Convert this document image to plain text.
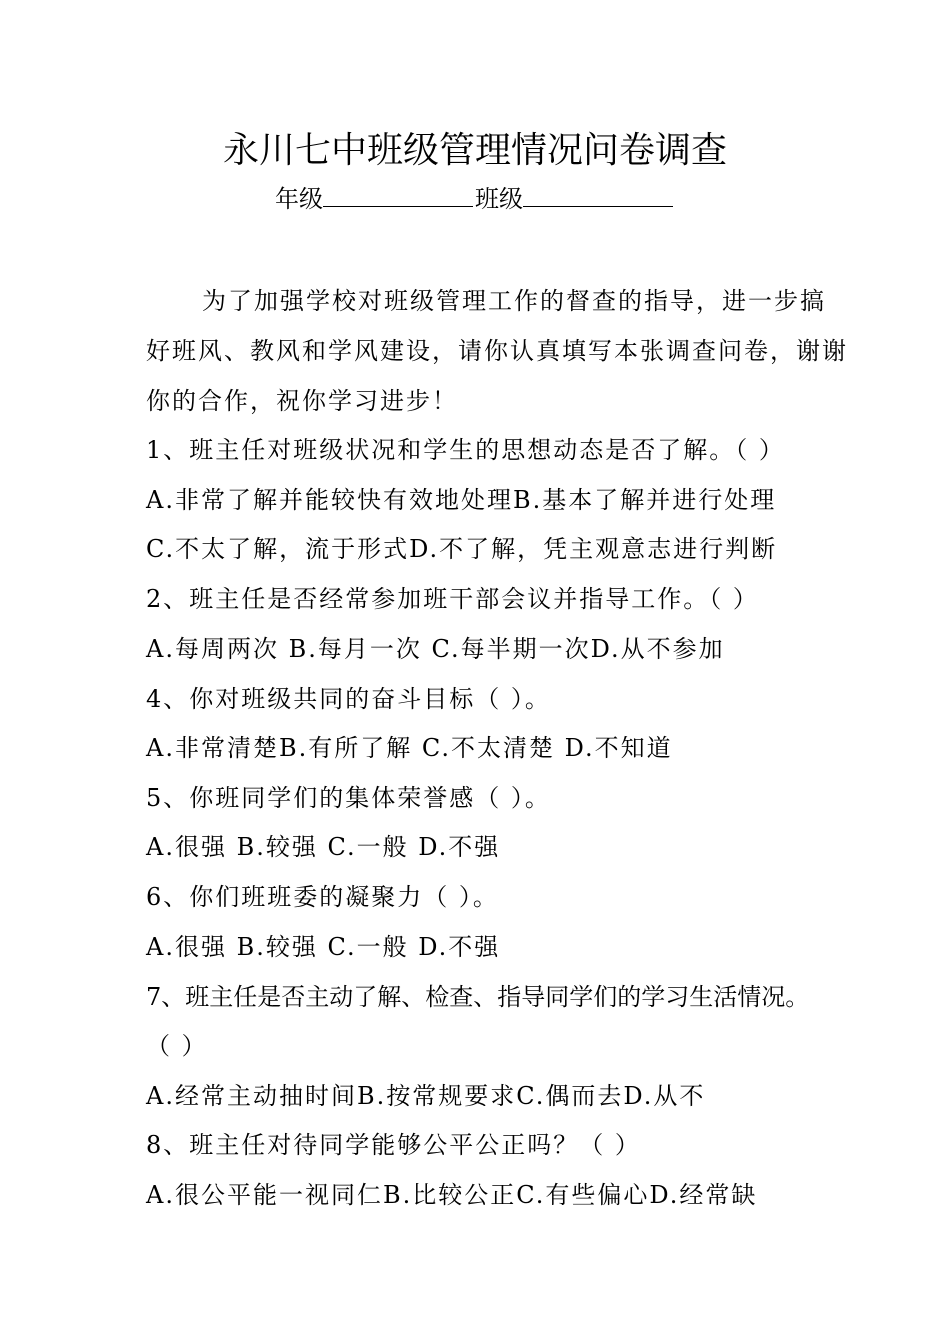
永川七中班级管理情况问卷调查
年级	班级
为了加强学校对班级管理工作的督查的指导，进一步搞
好班风、教风和学风建设，请你认真填写本张调查问卷，谢谢
你的合作，祝你学习进步！
1、班主任对班级状况和学生的思想动态是否了解。（ ）
A.非常了解并能较快有效地处理B.基本了解并进行处理
C.不太了解，流于形式D.不了解，凭主观意志进行判断
2、班主任是否经常参加班干部会议并指导工作。（ ）
A.每周两次 B.每月一次 C.每半期一次D.从不参加
4、你对班级共同的奋斗目标（ ）。
A.非常清楚B.有所了解 C.不太清楚 D.不知道
5、你班同学们的集体荣誉感（ ）。
A.很强 B.较强 C.一般 D.不强
6、你们班班委的凝聚力（ ）。
A.很强 B.较强 C.一般 D.不强
7、班主任是否主动了解、检查、指导同学们的学习生活情况。
（ ）
A.经常主动抽时间B.按常规要求C.偶而去D.从不
8、班主任对待同学能够公平公正吗？（ ）
A.很公平能一视同仁B.比较公正C.有些偏心D.经常缺
